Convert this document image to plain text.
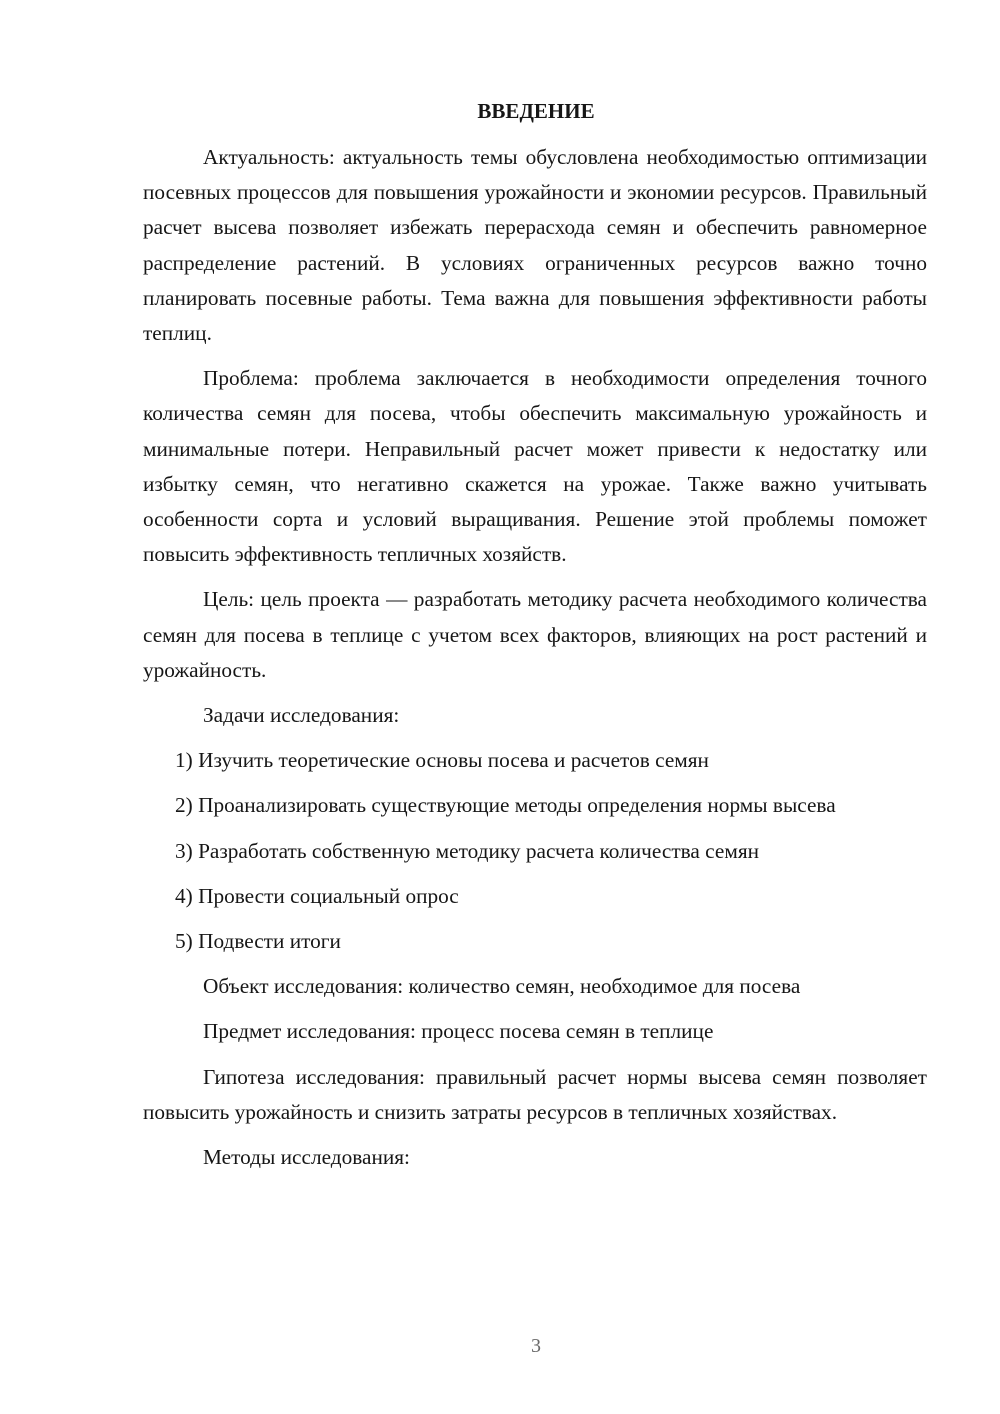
ВВЕДЕНИЕ

Актуальность: актуальность темы обусловлена необходимостью оптимизации посевных процессов для повышения урожайности и экономии ресурсов. Правильный расчет высева позволяет избежать перерасхода семян и обеспечить равномерное распределение растений. В условиях ограниченных ресурсов важно точно планировать посевные работы. Тема важна для повышения эффективности работы теплиц.

Проблема: проблема заключается в необходимости определения точного количества семян для посева, чтобы обеспечить максимальную урожайность и минимальные потери. Неправильный расчет может привести к недостатку или избытку семян, что негативно скажется на урожае. Также важно учитывать особенности сорта и условий выращивания. Решение этой проблемы поможет повысить эффективность тепличных хозяйств.

Цель: цель проекта — разработать методику расчета необходимого количества семян для посева в теплице с учетом всех факторов, влияющих на рост растений и урожайность.

Задачи исследования:

1) Изучить теоретические основы посева и расчетов семян

2) Проанализировать существующие методы определения нормы высева

3) Разработать собственную методику расчета количества семян

4) Провести социальный опрос

5) Подвести итоги

Объект исследования: количество семян, необходимое для посева

Предмет исследования: процесс посева семян в теплице

Гипотеза исследования: правильный расчет нормы высева семян позволяет повысить урожайность и снизить затраты ресурсов в тепличных хозяйствах.

Методы исследования:

3
